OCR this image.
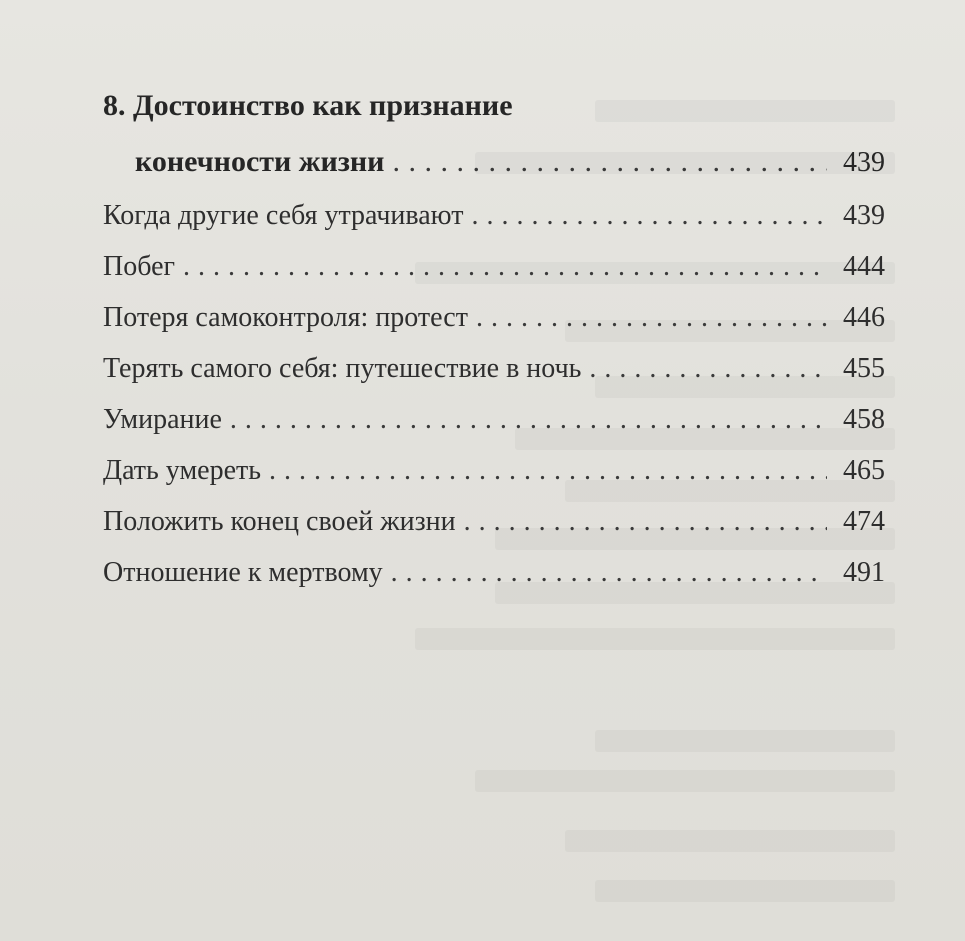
8. Достоинство как признание
конечности жизни . . .	439
Когда другие себя утрачивают . . .	439
Побег . . .	444
Потеря самоконтроля: протест . . .	446
Терять самого себя: путешествие в ночь . . .	455
Умирание . . .	458
Дать умереть . . .	465
Положить конец своей жизни . . .	474
Отношение к мертвому . . .	491
